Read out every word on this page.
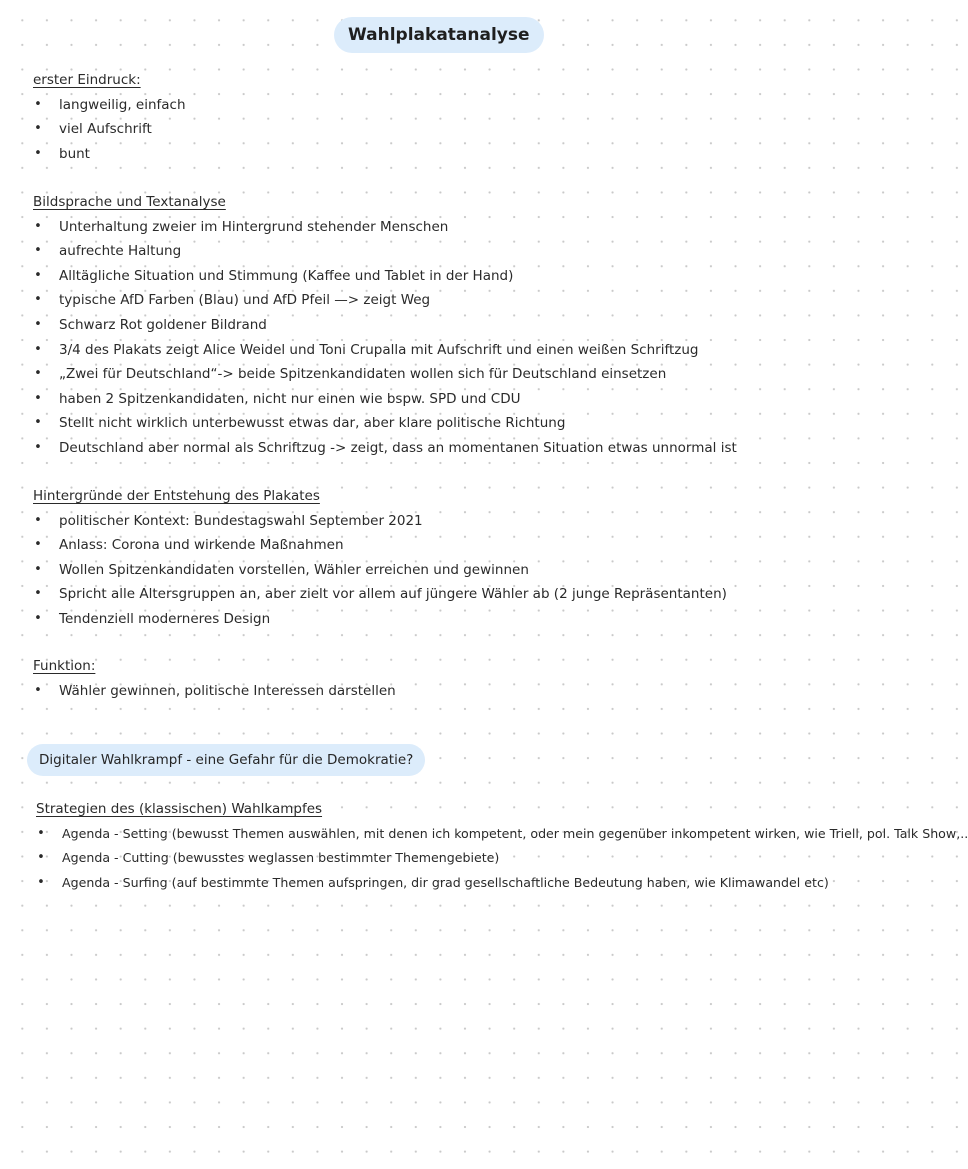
Wahlplakatanalyse
erster Eindruck:
• langweilig, einfach
• viel Aufschrift
• bunt
Bildsprache und Textanalyse
• Unterhaltung zweier im Hintergrund stehender Menschen
• aufrechte Haltung
• Alltägliche Situation und Stimmung (Kaffee und Tablet in der Hand)
• typische AfD Farben (Blau) und AfD Pfeil —> zeigt Weg
• Schwarz Rot goldener Bildrand
• 3/4 des Plakats zeigt Alice Weidel und Toni Crupalla mit Aufschrift und einen weißen Schriftzug
• „Zwei für Deutschland“-> beide Spitzenkandidaten wollen sich für Deutschland einsetzen
• haben 2 Spitzenkandidaten, nicht nur einen wie bspw. SPD und CDU
• Stellt nicht wirklich unterbewusst etwas dar, aber klare politische Richtung
• Deutschland aber normal als Schriftzug -> zeigt, dass an momentanen Situation etwas unnormal ist
Hintergründe der Entstehung des Plakates
• politischer Kontext: Bundestagswahl September 2021
• Anlass: Corona und wirkende Maßnahmen
• Wollen Spitzenkandidaten vorstellen, Wähler erreichen und gewinnen
• Spricht alle Altersgruppen an, aber zielt vor allem auf jüngere Wähler ab (2 junge Repräsentanten)
• Tendenziell moderneres Design
Funktion:
• Wähler gewinnen, politische Interessen darstellen
Digitaler Wahlkrampf - eine Gefahr für die Demokratie?
Strategien des (klassischen) Wahlkampfes
• Agenda - Setting (bewusst Themen auswählen, mit denen ich kompetent, oder mein gegenüber inkompetent wirken, wie Triell, pol. Talk Show,..
• Agenda - Cutting (bewusstes weglassen bestimmter Themengebiete)
• Agenda - Surfing (auf bestimmte Themen aufspringen, dir grad gesellschaftliche Bedeutung haben, wie Klimawandel etc)
